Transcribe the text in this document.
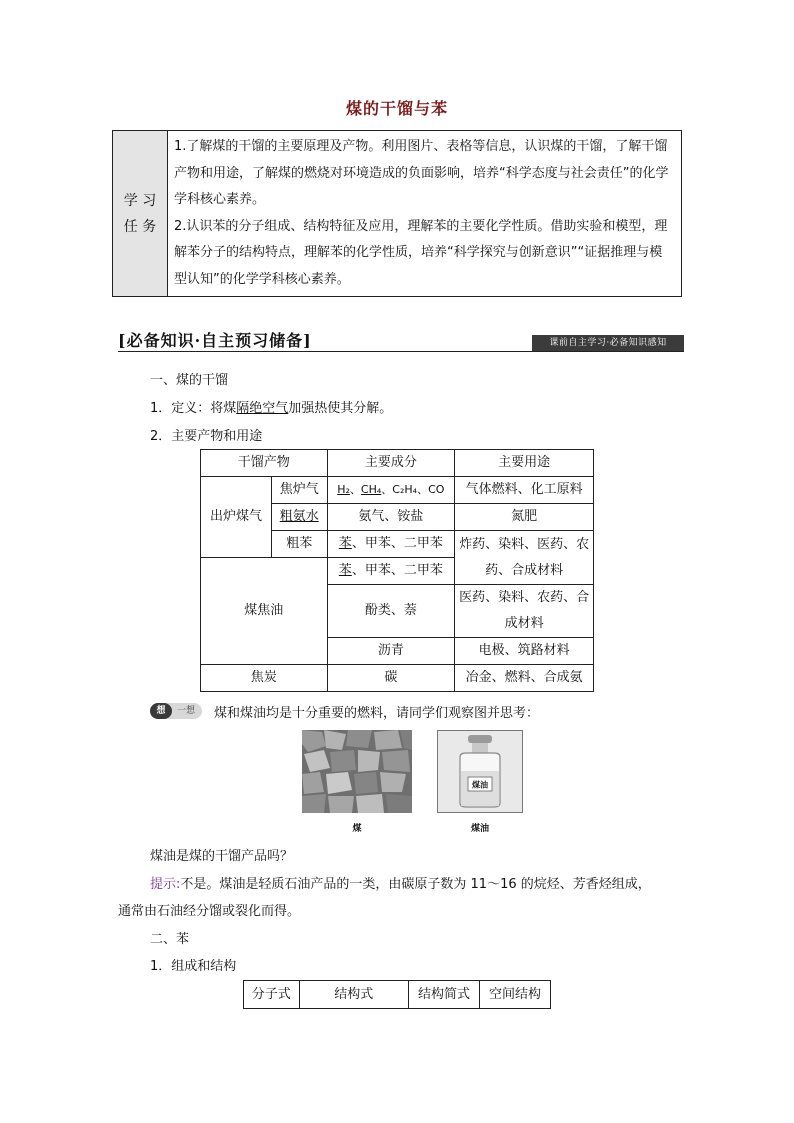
煤的干馏与苯
学 习
任 务

1.了解煤的干馏的主要原理及产物。利用图片、表格等信息，认识煤的干馏，了解干馏产物和用途，了解煤的燃烧对环境造成的负面影响，培养“科学态度与社会责任”的化学学科核心素养。
2.认识苯的分子组成、结构特征及应用，理解苯的主要化学性质。借助实验和模型，理解苯分子的结构特点，理解苯的化学性质，培养“科学探究与创新意识”“证据推理与模型认知”的化学学科核心素养。
[必备知识·自主预习储备]	课前自主学习·必备知识感知
一、煤的干馏
1．定义：将煤隔绝空气加强热使其分解。
2．主要产物和用途
干馏产物		主要成分	主要用途
出炉煤气	焦炉气	H₂、CH₄、C₂H₄、CO	气体燃料、化工原料
	粗氨水	氨气、铵盐	氮肥
	粗苯	苯、甲苯、二甲苯	炸药、染料、医药、农药、合成材料
煤焦油		苯、甲苯、二甲苯	
		酚类、萘	医药、染料、农药、合成材料
		沥青	电极、筑路材料
焦炭		碳	冶金、燃料、合成氨
想 一想	煤和煤油均是十分重要的燃料，请同学们观察图并思考：
煤油
煤	煤油
煤油是煤的干馏产品吗？
提示:不是。煤油是轻质石油产品的一类，由碳原子数为 11～16 的烷烃、芳香烃组成，
通常由石油经分馏或裂化而得。
二、苯
1．组成和结构
分子式	结构式	结构简式	空间结构
